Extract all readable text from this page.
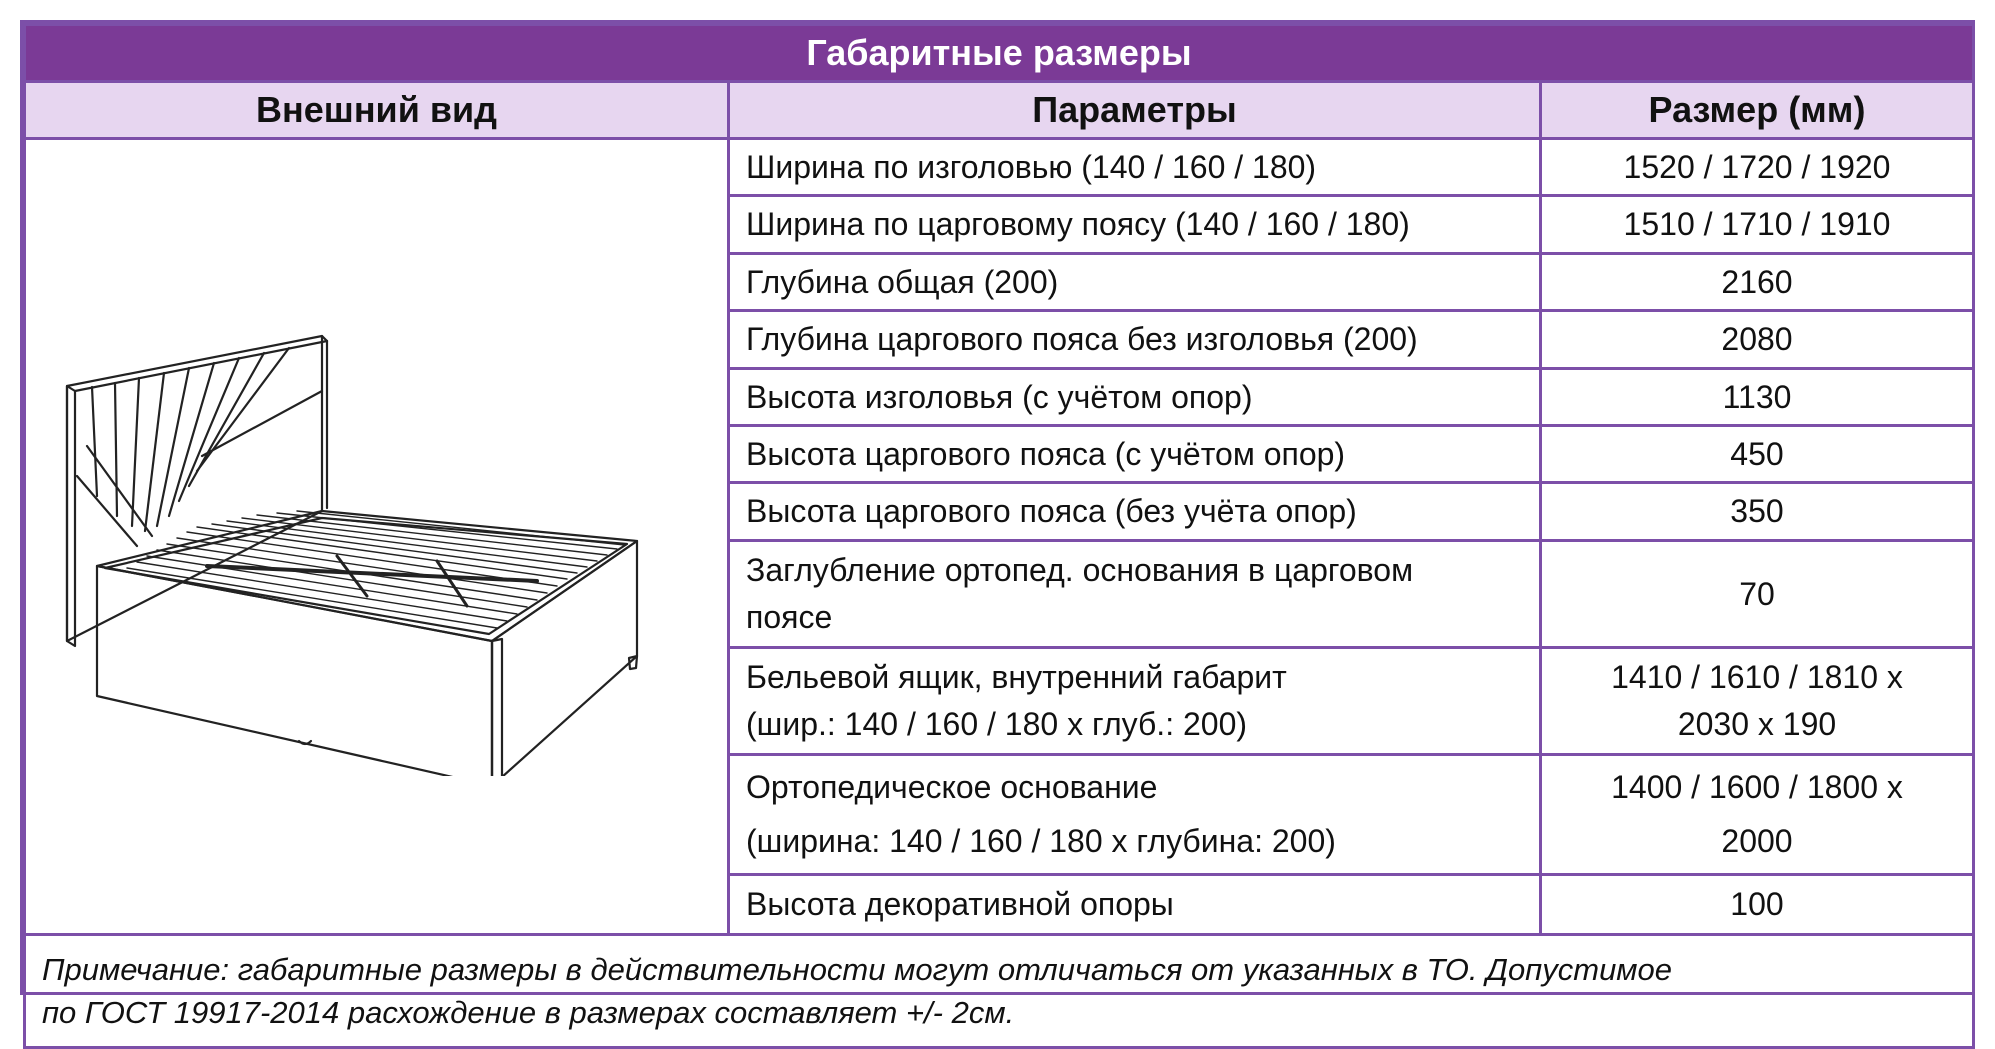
Габаритные размеры		
Внешний вид	Параметры	Размер (мм)

	Ширина по изголовью (140 / 160 / 180)	1520 / 1720 / 1920
	Ширина по царговому поясу (140 / 160 / 180)	1510 / 1710 / 1910
	Глубина общая (200)	2160
	Глубина царгового пояса без изголовья (200)	2080
	Высота изголовья (с учётом опор)	1130
	Высота царгового пояса (с учётом опор)	450
	Высота царгового пояса (без учёта опор)	350
	Заглубление ортопед. основания в царговом
поясе	70
	Бельевой ящик, внутренний габарит
(шир.: 140 / 160 / 180 х глуб.: 200)	1410 / 1610 / 1810 х
2030 х 190
	Ортопедическое основание
(ширина: 140 / 160 / 180 х глубина: 200)	1400 / 1600 / 1800 х
2000
	Высота декоративной опоры	100
Примечание: габаритные размеры в действительности могут отличаться от указанных в ТО. Допустимое
по ГОСТ 19917-2014 расхождение в размерах составляет +/- 2см.		
